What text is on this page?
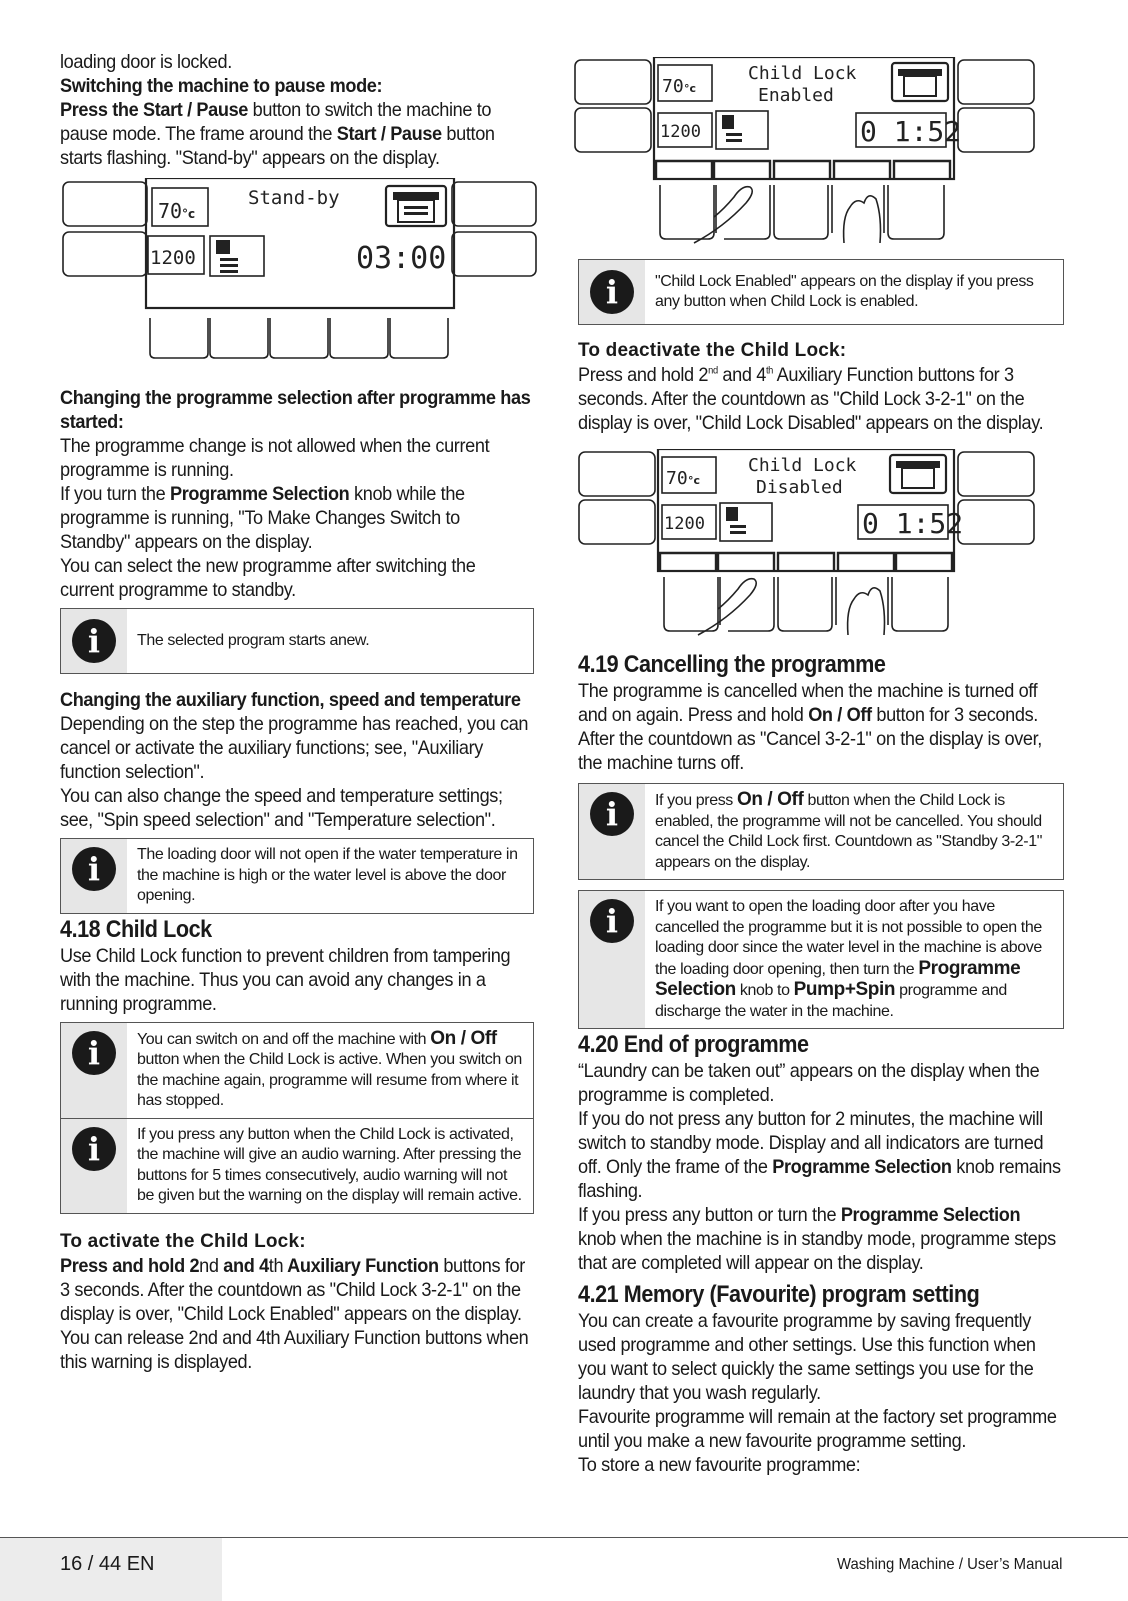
loading door is locked.

Switching the machine to pause mode:

Press the Start / Pause button to switch the machine to pause mode. The frame around the Start / Pause button starts flashing. "Stand-by" appears on the display.

70 °c
Stand-by
1200	03:00

Changing the programme selection after programme has started:

The programme change is not allowed when the current programme is running.

If you turn the Programme Selection knob while the programme is running, "To Make Changes Switch to Standby" appears on the display.

You can select the new programme after switching the current programme to standby.

i
The selected program starts anew.

Changing the auxiliary function, speed and temperature

Depending on the step the programme has reached, you can cancel or activate the auxiliary functions; see, "Auxiliary function selection".

You can also change the speed and temperature settings; see, "Spin speed selection" and "Temperature selection".

i
The loading door will not open if the water temperature in the machine is high or the water level is above the door opening.
4.18 Child Lock

Use Child Lock function to prevent children from tampering with the machine. Thus you can avoid any changes in a running programme.

i
You can switch on and off the machine with On / Off button when the Child Lock is active. When you switch on the machine again, programme will resume from where it has stopped.
i
If you press any button when the Child Lock is activated, the machine will give an audio warning. After pressing the buttons for 5 times consecutively, audio warning will not be given but the warning on the display will remain active.
To activate the Child Lock:

Press and hold 2nd and 4th Auxiliary Function buttons for 3 seconds. After the countdown as "Child Lock 3-2-1" on the display is over, "Child Lock Enabled" appears on the display. You can release 2nd and 4th Auxiliary Function buttons when this warning is displayed.

70 °c
Child Lock
Enabled
1200	0 1:52
i
"Child Lock Enabled" appears on the display if you press any button when Child Lock is enabled.
To deactivate the Child Lock:

Press and hold 2nd and 4th Auxiliary Function buttons for 3 seconds. After the countdown as "Child Lock 3-2-1" on the display is over, "Child Lock Disabled" appears on the display.

70 °c
Child Lock
Disabled
1200	0 1:52
4.19 Cancelling the programme

The programme is cancelled when the machine is turned off and on again. Press and hold On / Off button for 3 seconds. After the countdown as "Cancel 3-2-1" on the display is over, the machine turns off.

i
If you press On / Off button when the Child Lock is enabled, the programme will not be cancelled. You should cancel the Child Lock first. Countdown as "Standby 3-2-1" appears on the display.
i
If you want to open the loading door after you have cancelled the programme but it is not possible to open the loading door since the water level in the machine is above the loading door opening, then turn the Programme Selection knob to Pump+Spin programme and discharge the water in the machine.
4.20 End of programme

“Laundry can be taken out” appears on the display when the programme is completed.

If you do not press any button for 2 minutes, the machine will switch to standby mode. Display and all indicators are turned off. Only the frame of the Programme Selection knob remains flashing.

If you press any button or turn the Programme Selection knob when the machine is in standby mode, programme steps that are completed will appear on the display.

4.21 Memory (Favourite) program setting

You can create a favourite programme by saving frequently used programme and other settings. Use this function when you want to select quickly the same settings you use for the laundry that you wash regularly.

Favourite programme will remain at the factory set programme until you make a new favourite programme setting.

To store a new favourite programme:

16 / 44 EN	Washing Machine / User’s Manual
